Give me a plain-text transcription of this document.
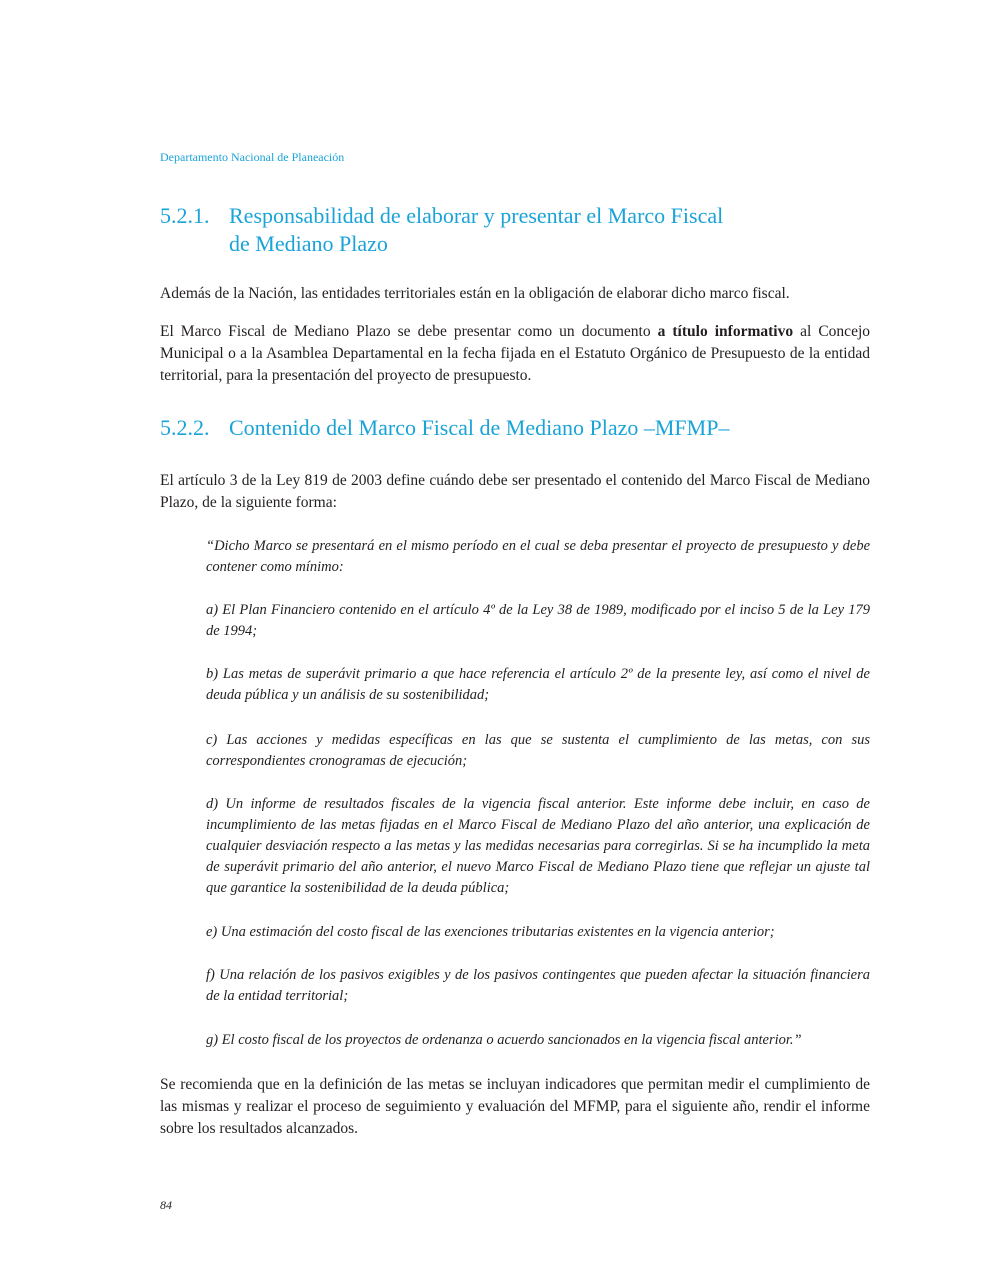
Departamento Nacional de Planeación
5.2.1. Responsabilidad de elaborar y presentar el Marco Fiscal
de Mediano Plazo

Además de la Nación, las entidades territoriales están en la obligación de elaborar dicho marco fiscal.

El Marco Fiscal de Mediano Plazo se debe presentar como un documento a título informativo al Concejo Municipal o a la Asamblea Departamental en la fecha fijada en el Estatuto Orgánico de Presupuesto de la entidad territorial, para la presentación del proyecto de presupuesto.

5.2.2. Contenido del Marco Fiscal de Mediano Plazo –MFMP–

El artículo 3 de la Ley 819 de 2003 define cuándo debe ser presentado el contenido del Marco Fiscal de Mediano Plazo, de la siguiente forma:

“Dicho Marco se presentará en el mismo período en el cual se deba presentar el proyecto de presupuesto y debe contener como mínimo:

a) El Plan Financiero contenido en el artículo 4º de la Ley 38 de 1989, modificado por el inciso 5 de la Ley 179 de 1994;

b) Las metas de superávit primario a que hace referencia el artículo 2º de la presente ley, así como el nivel de deuda pública y un análisis de su sostenibilidad;

c) Las acciones y medidas específicas en las que se sustenta el cumplimiento de las metas, con sus correspondientes cronogramas de ejecución;

d) Un informe de resultados fiscales de la vigencia fiscal anterior. Este informe debe incluir, en caso de incumplimiento de las metas fijadas en el Marco Fiscal de Mediano Plazo del año anterior, una explicación de cualquier desviación respecto a las metas y las medidas necesarias para corregirlas. Si se ha incumplido la meta de superávit primario del año anterior, el nuevo Marco Fiscal de Mediano Plazo tiene que reflejar un ajuste tal que garantice la sostenibilidad de la deuda pública;

e) Una estimación del costo fiscal de las exenciones tributarias existentes en la vigencia anterior;

f) Una relación de los pasivos exigibles y de los pasivos contingentes que pueden afectar la situación financiera de la entidad territorial;

g) El costo fiscal de los proyectos de ordenanza o acuerdo sancionados en la vigencia fiscal anterior.”

Se recomienda que en la definición de las metas se incluyan indicadores que permitan medir el cumplimiento de las mismas y realizar el proceso de seguimiento y evaluación del MFMP, para el siguiente año, rendir el informe sobre los resultados alcanzados.

84
